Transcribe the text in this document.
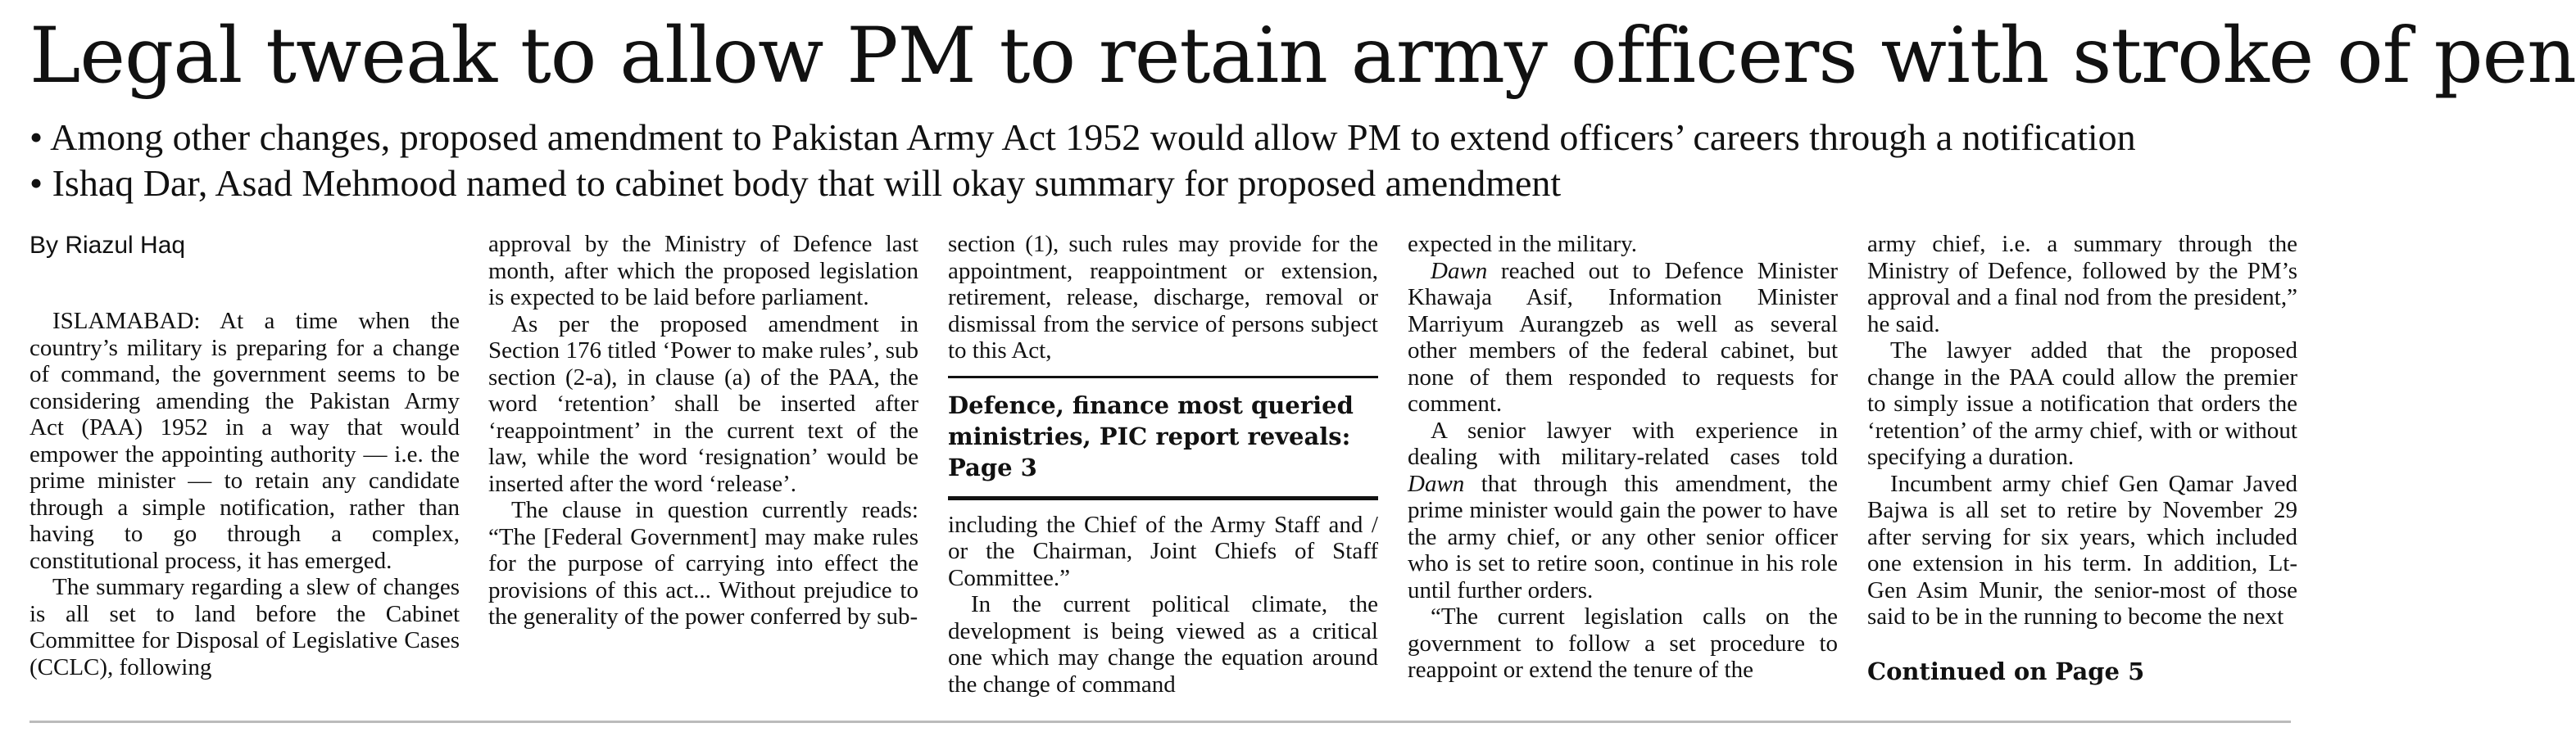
Legal tweak to allow PM to retain army officers with stroke of pen
• Among other changes, proposed amendment to Pakistan Army Act 1952 would allow PM to extend officers’ careers through a notification
• Ishaq Dar, Asad Mehmood named to cabinet body that will okay summary for proposed amendment
By Riazul Haq

ISLAMABAD: At a time when the country’s military is preparing for a change of command, the government seems to be considering amending the Pakistan Army Act (PAA) 1952 in a way that would empower the appointing authority — i.e. the prime minister — to retain any candidate through a simple notification, rather than having to go through a complex, constitutional process, it has emerged.

The summary regarding a slew of changes is all set to land before the Cabinet Committee for Disposal of Legislative Cases (CCLC), following

approval by the Ministry of Defence last month, after which the proposed legislation is expected to be laid before parliament.

As per the proposed amendment in Section 176 titled ‘Power to make rules’, sub section (2-a), in clause (a) of the PAA, the word ‘retention’ shall be inserted after ‘reappointment’ in the current text of the law, while the word ‘resignation’ would be inserted after the word ‘release’.

The clause in question currently reads: “The [Federal Government] may make rules for the purpose of carrying into effect the provisions of this act... Without prejudice to the generality of the power conferred by sub-

section (1), such rules may provide for the appointment, reappointment or extension, retirement, release, discharge, removal or dismissal from the service of persons subject to this Act,

Defence, finance most queried ministries, PIC report reveals: Page 3

including the Chief of the Army Staff and / or the Chairman, Joint Chiefs of Staff Committee.”

In the current political climate, the development is being viewed as a critical one which may change the equation around the change of command

expected in the military.

Dawn reached out to Defence Minister Khawaja Asif, Information Minister Marriyum Aurangzeb as well as several other members of the federal cabinet, but none of them responded to requests for comment.

A senior lawyer with experience in dealing with military-related cases told Dawn that through this amendment, the prime minister would gain the power to have the army chief, or any other senior officer who is set to retire soon, continue in his role until further orders.

“The current legislation calls on the government to follow a set procedure to reappoint or extend the tenure of the

army chief, i.e. a summary through the Ministry of Defence, followed by the PM’s approval and a final nod from the president,” he said.

The lawyer added that the proposed change in the PAA could allow the premier to simply issue a notification that orders the ‘retention’ of the army chief, with or without specifying a duration.

Incumbent army chief Gen Qamar Javed Bajwa is all set to retire by November 29 after serving for six years, which included one extension in his term. In addition, Lt-Gen Asim Munir, the senior-most of those said to be in the running to become the next

Continued on Page 5
